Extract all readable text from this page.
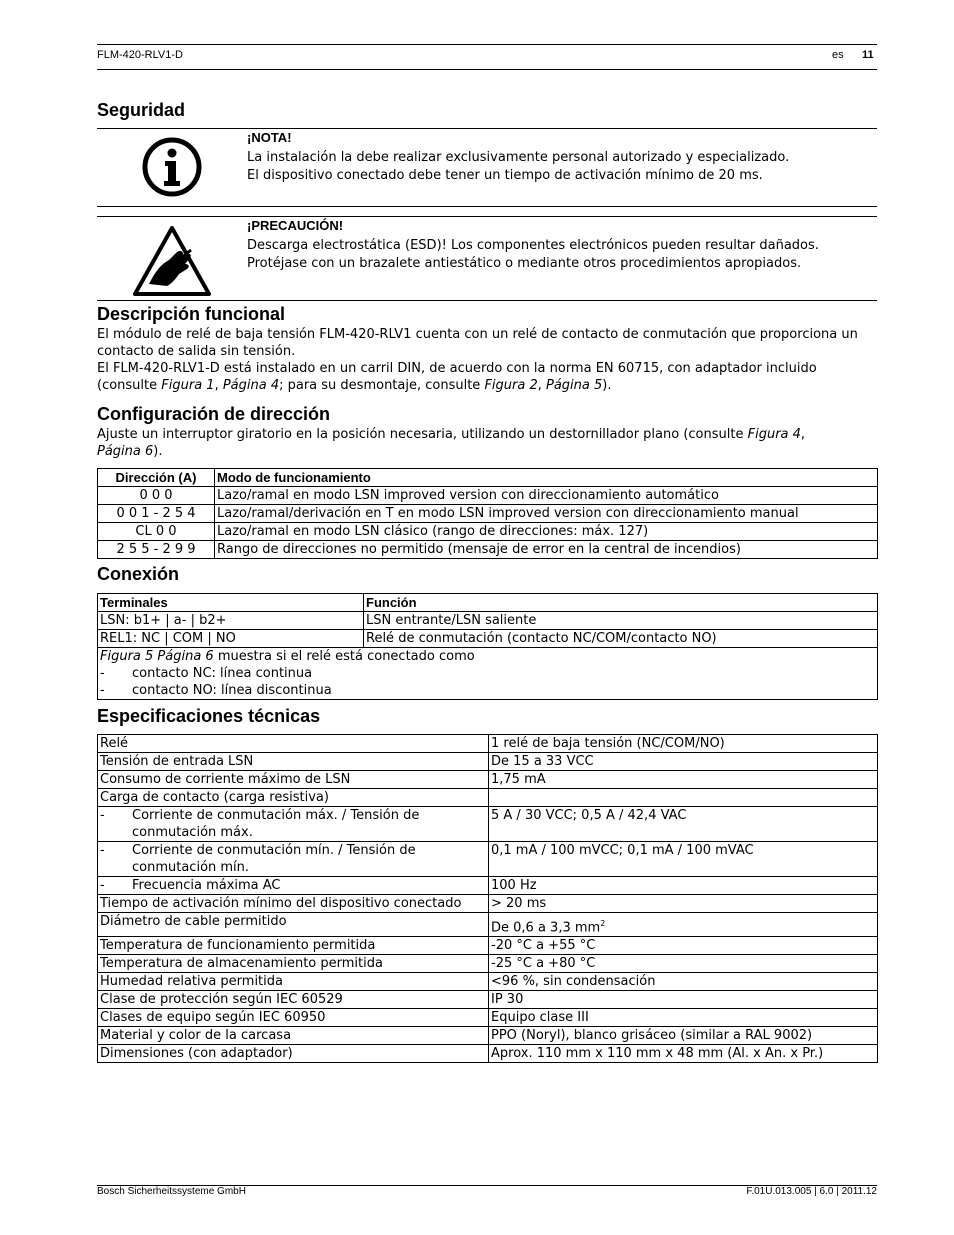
FLM-420-RLV1-D	es 11
Seguridad
¡NOTA!
La instalación la debe realizar exclusivamente personal autorizado y especializado.
El dispositivo conectado debe tener un tiempo de activación mínimo de 20 ms.
¡PRECAUCIÓN!
Descarga electrostática (ESD)! Los componentes electrónicos pueden resultar dañados.
Protéjase con un brazalete antiestático o mediante otros procedimientos apropiados.
Descripción funcional
El módulo de relé de baja tensión FLM-420-RLV1 cuenta con un relé de contacto de conmutación que proporciona un
contacto de salida sin tensión.
El FLM-420-RLV1-D está instalado en un carril DIN, de acuerdo con la norma EN 60715, con adaptador incluido
(consulte Figura 1, Página 4; para su desmontaje, consulte Figura 2, Página 5).
Configuración de dirección
Ajuste un interruptor giratorio en la posición necesaria, utilizando un destornillador plano (consulte Figura 4,
Página 6).
Dirección (A)	Modo de funcionamiento
0 0 0	Lazo/ramal en modo LSN improved version con direccionamiento automático
0 0 1 - 2 5 4	Lazo/ramal/derivación en T en modo LSN improved version con direccionamiento manual
CL 0 0	Lazo/ramal en modo LSN clásico (rango de direcciones: máx. 127)
2 5 5 - 2 9 9	Rango de direcciones no permitido (mensaje de error en la central de incendios)
Conexión
Terminales	Función
LSN: b1+ | a- | b2+	LSN entrante/LSN saliente
REL1: NC | COM | NO	Relé de conmutación (contacto NC/COM/contacto NO)

Figura 5 Página 6 muestra si el relé está conectado como
- contacto NC: línea continua
- contacto NO: línea discontinua	
Especificaciones técnicas
Relé	1 relé de baja tensión (NC/COM/NO)
Tensión de entrada LSN	De 15 a 33 VCC
Consumo de corriente máximo de LSN	1,75 mA
Carga de contacto (carga resistiva)	

- Corriente de conmutación máx. / Tensión de conmutación máx.	5 A / 30 VCC; 0,5 A / 42,4 VAC

- Corriente de conmutación mín. / Tensión de conmutación mín.	0,1 mA / 100 mVCC; 0,1 mA / 100 mVAC

- Frecuencia máxima AC	100 Hz
Tiempo de activación mínimo del dispositivo conectado	> 20 ms
Diámetro de cable permitido	De 0,6 a 3,3 $mm^2$
Temperatura de funcionamiento permitida	-20 °C a +55 °C
Temperatura de almacenamiento permitida	-25 °C a +80 °C
Humedad relativa permitida	<96 %, sin condensación
Clase de protección según IEC 60529	IP 30
Clases de equipo según IEC 60950	Equipo clase III
Material y color de la carcasa	PPO (Noryl), blanco grisáceo (similar a RAL 9002)
Dimensiones (con adaptador)	Aprox. 110 mm x 110 mm x 48 mm (Al. x An. x Pr.)
Bosch Sicherheitssysteme GmbH	F.01U.013.005 | 6.0 | 2011.12
